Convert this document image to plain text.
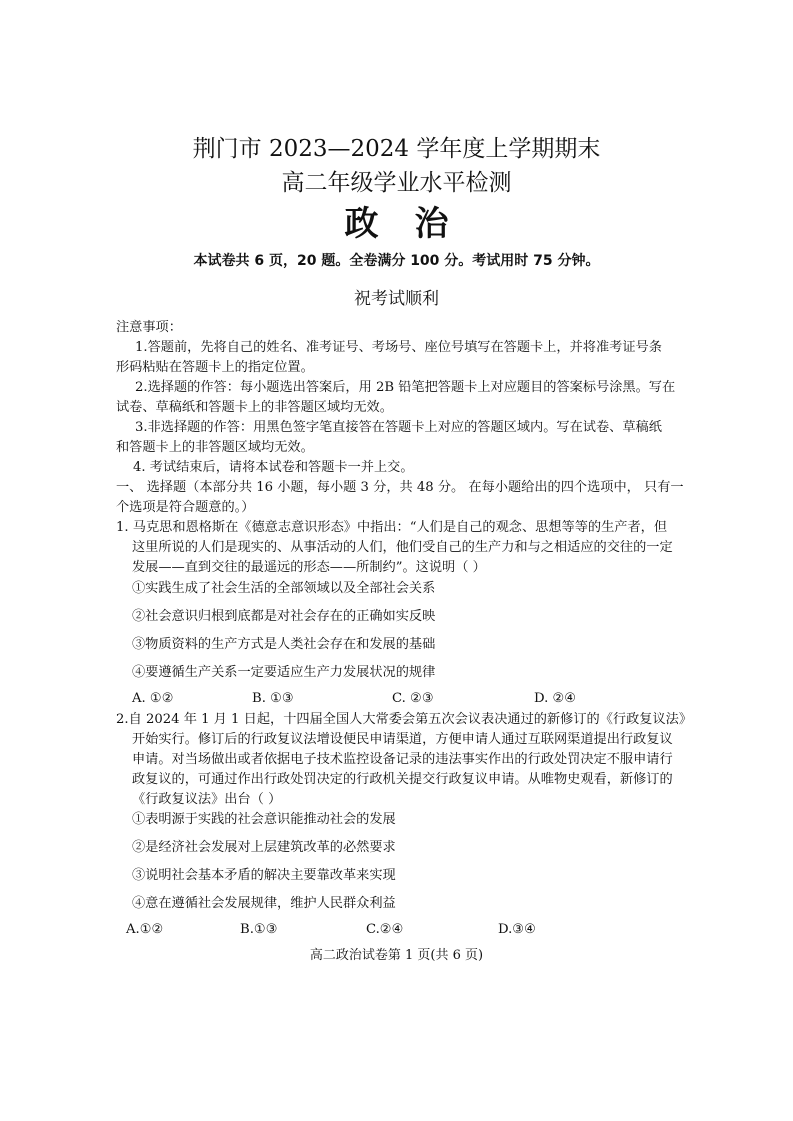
荆门市 2023—2024 学年度上学期期末
高二年级学业水平检测
政治
本试卷共 6 页，20 题。全卷满分 100 分。考试用时 75 分钟。
祝考试顺利
注意事项：
1.答题前，先将自己的姓名、准考证号、考场号、座位号填写在答题卡上，并将准考证号条
形码粘贴在答题卡上的指定位置。
2.选择题的作答：每小题选出答案后，用 2B 铅笔把答题卡上对应题目的答案标号涂黑。写在
试卷、草稿纸和答题卡上的非答题区域均无效。
3.非选择题的作答：用黑色签字笔直接答在答题卡上对应的答题区域内。写在试卷、草稿纸
和答题卡上的非答题区域均无效。
4. 考试结束后，请将本试卷和答题卡一并上交。
一、 选择题（本部分共 16 小题，每小题 3 分，共 48 分。 在每小题给出的四个选项中， 只有一
个选项是符合题意的。）
1. 马克思和恩格斯在《德意志意识形态》中指出：“人们是自己的观念、思想等等的生产者，但
这里所说的人们是现实的、从事活动的人们，他们受自己的生产力和与之相适应的交往的一定
发展——直到交往的最遥远的形态——所制约”。这说明（ ）
①实践生成了社会生活的全部领域以及全部社会关系
②社会意识归根到底都是对社会存在的正确如实反映
③物质资料的生产方式是人类社会存在和发展的基础
④要遵循生产关系一定要适应生产力发展状况的规律
A. ①②	B. ①③	C. ②③	D. ②④
2.自 2024 年 1 月 1 日起，十四届全国人大常委会第五次会议表决通过的新修订的《行政复议法》
开始实行。修订后的行政复议法增设便民申请渠道，方便申请人通过互联网渠道提出行政复议
申请。对当场做出或者依据电子技术监控设备记录的违法事实作出的行政处罚决定不服申请行
政复议的，可通过作出行政处罚决定的行政机关提交行政复议申请。从唯物史观看，新修订的
《行政复议法》出台（ ）
①表明源于实践的社会意识能推动社会的发展
②是经济社会发展对上层建筑改革的必然要求
③说明社会基本矛盾的解决主要靠改革来实现
④意在遵循社会发展规律，维护人民群众利益
A.①②	B.①③	C.②④	D.③④
高二政治试卷第 1 页(共 6 页)
